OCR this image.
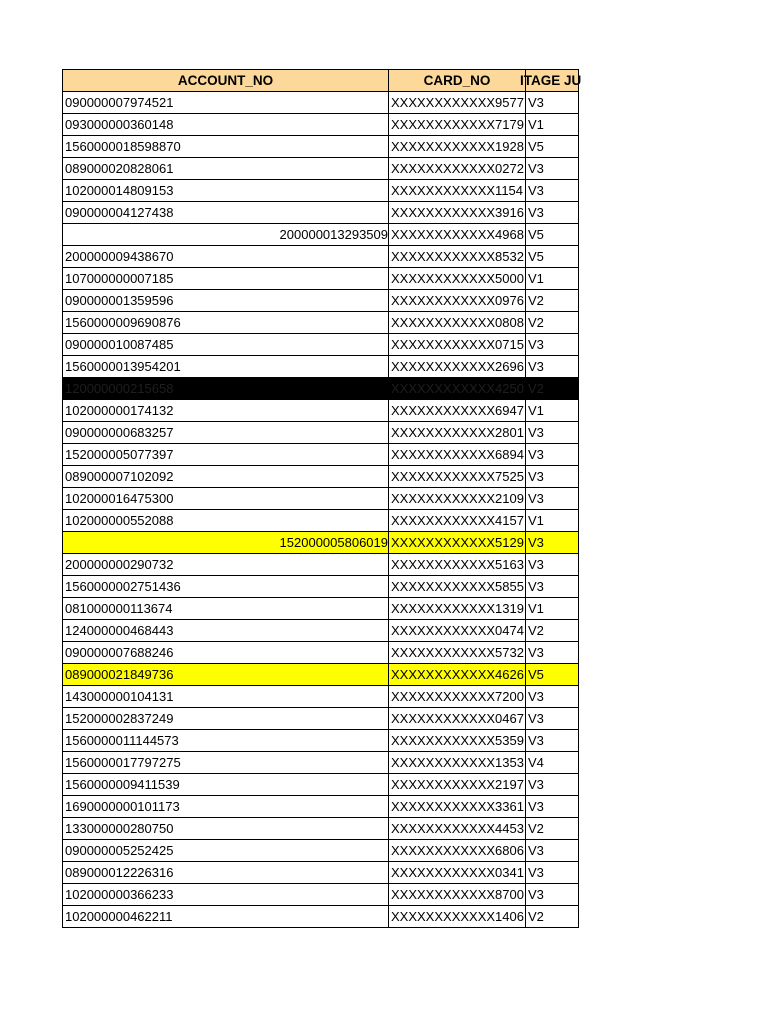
ACCOUNT_NO	CARD_NO	ITAGE JU
090000007974521	XXXXXXXXXXXX9577	V3
093000000360148	XXXXXXXXXXXX7179	V1
1560000018598870	XXXXXXXXXXXX1928	V5
089000020828061	XXXXXXXXXXXX0272	V3
102000014809153	XXXXXXXXXXXX1154	V3
090000004127438	XXXXXXXXXXXX3916	V3
200000013293509	XXXXXXXXXXXX4968	V5
200000009438670	XXXXXXXXXXXX8532	V5
107000000007185	XXXXXXXXXXXX5000	V1
090000001359596	XXXXXXXXXXXX0976	V2
1560000009690876	XXXXXXXXXXXX0808	V2
090000010087485	XXXXXXXXXXXX0715	V3
1560000013954201	XXXXXXXXXXXX2696	V3
120000000215658	XXXXXXXXXXXX4250	V2
102000000174132	XXXXXXXXXXXX6947	V1
090000000683257	XXXXXXXXXXXX2801	V3
152000005077397	XXXXXXXXXXXX6894	V3
089000007102092	XXXXXXXXXXXX7525	V3
102000016475300	XXXXXXXXXXXX2109	V3
102000000552088	XXXXXXXXXXXX4157	V1
152000005806019	XXXXXXXXXXXX5129	V3
200000000290732	XXXXXXXXXXXX5163	V3
1560000002751436	XXXXXXXXXXXX5855	V3
081000000113674	XXXXXXXXXXXX1319	V1
124000000468443	XXXXXXXXXXXX0474	V2
090000007688246	XXXXXXXXXXXX5732	V3
089000021849736	XXXXXXXXXXXX4626	V5
143000000104131	XXXXXXXXXXXX7200	V3
152000002837249	XXXXXXXXXXXX0467	V3
1560000011144573	XXXXXXXXXXXX5359	V3
1560000017797275	XXXXXXXXXXXX1353	V4
1560000009411539	XXXXXXXXXXXX2197	V3
1690000000101173	XXXXXXXXXXXX3361	V3
133000000280750	XXXXXXXXXXXX4453	V2
090000005252425	XXXXXXXXXXXX6806	V3
089000012226316	XXXXXXXXXXXX0341	V3
102000000366233	XXXXXXXXXXXX8700	V3
102000000462211	XXXXXXXXXXXX1406	V2
